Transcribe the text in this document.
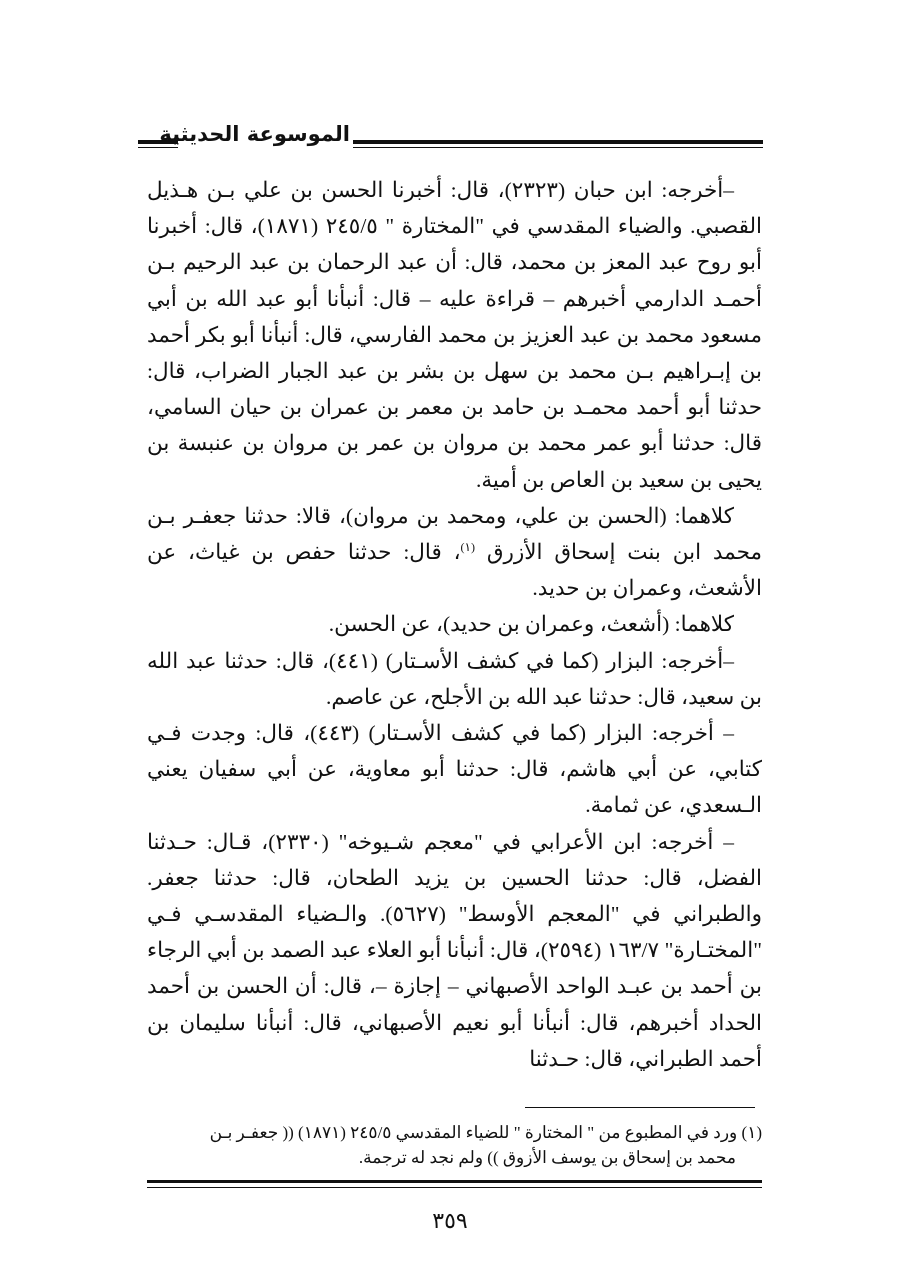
الموسوعة الحديثية

–أخرجه: ابن حبان (٢٣٢٣)، قال: أخبرنا الحسن بن علي بـن هـذيل القصبي. والضياء المقدسي في "المختارة " ٢٤٥/٥ (١٨٧١)، قال: أخبرنا أبو روح عبد المعز بن محمد، قال: أن عبد الرحمان بن عبد الرحيم بـن أحمـد الدارمي أخبرهم – قراءة عليه – قال: أنبأنا أبو عبد الله بن أبي مسعود محمد بن عبد العزيز بن محمد الفارسي، قال: أنبأنا أبو بكر أحمد بن إبـراهيم بـن محمد بن سهل بن بشر بن عبد الجبار الضراب، قال: حدثنا أبو أحمد محمـد بن حامد بن معمر بن عمران بن حيان السامي، قال: حدثنا أبو عمر محمد بن مروان بن عمر بن مروان بن عنبسة بن يحيى بن سعيد بن العاص بن أمية.

كلاهما: (الحسن بن علي، ومحمد بن مروان)، قالا: حدثنا جعفـر بـن محمد ابن بنت إسحاق الأزرق $^{(١)}$، قال: حدثنا حفص بن غياث، عن الأشعث، وعمران بن حديد.

كلاهما: (أشعث، وعمران بن حديد)، عن الحسن.

–أخرجه: البزار (كما في كشف الأسـتار) (٤٤١)، قال: حدثنا عبد الله بن سعيد، قال: حدثنا عبد الله بن الأجلح، عن عاصم.

– أخرجه: البزار (كما في كشف الأسـتار) (٤٤٣)، قال: وجدت فـي كتابي، عن أبي هاشم، قال: حدثنا أبو معاوية، عن أبي سفيان يعني الـسعدي، عن ثمامة.

– أخرجه: ابن الأعرابي في "معجم شـيوخه" (٢٣٣٠)، قـال: حـدثنا الفضل، قال: حدثنا الحسين بن يزيد الطحان، قال: حدثنا جعفر. والطبراني في "المعجم الأوسط" (٥٦٢٧). والـضياء المقدسـي فـي "المختـارة" ١٦٣/٧ (٢٥٩٤)، قال: أنبأنا أبو العلاء عبد الصمد بن أبي الرجاء بن أحمد بن عبـد الواحد الأصبهاني – إجازة –، قال: أن الحسن بن أحمد الحداد أخبرهم، قال: أنبأنا أبو نعيم الأصبهاني، قال: أنبأنا سليمان بن أحمد الطبراني، قال: حـدثنا

(١) ورد في المطبوع من " المختارة " للضياء المقدسي ٢٤٥/٥ (١٨٧١) (( جعفـر بـن

محمد بن إسحاق بن يوسف الأزوق )) ولم نجد له ترجمة.

٣٥٩
